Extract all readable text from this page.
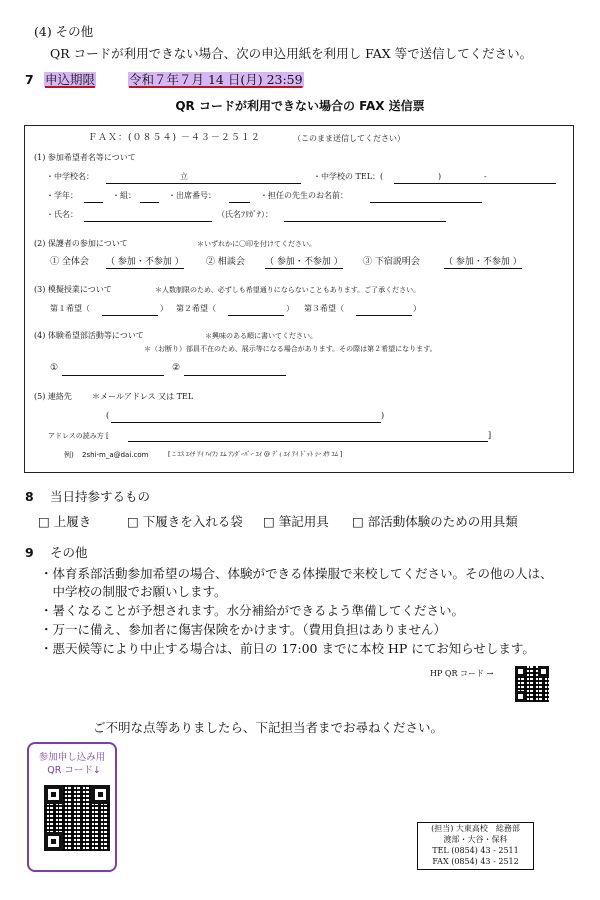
(4) その他
QR コードが利用できない場合、次の申込用紙を利用し FAX 等で送信してください。
7 申込期限	令和７年７月 14 日(月) 23:59
QR コードが利用できない場合の FAX 送信票
ＦＡＸ：(０８５４) －４３－２５１２	（このまま送信してください）
(1) 参加希望者名等について
・中学校名：	立	・中学校の TEL：(	)	-
・学年：	・組：	・出席番号：	・担任の先生のお名前：
・氏名：	（氏名ﾌﾘｶﾞﾅ）：
(2) 保護者の参加について	＊いずれかに〇印を付けてください。
① 全体会 （ 参加・不参加 ） ② 相談会 （ 参加・不参加 ） ③ 下宿説明会	（ 参加・不参加 ）
(3) 模擬授業について	＊人数制限のため、必ずしも希望通りにならないこともあります。ご了承ください。
第１希望（	） 第２希望（	） 第３希望（	）
(4) 体験希望部活動等について	＊興味のある順に書いてください。
＊（お断り）部員不在のため、展示等になる場合があります。その際は第２希望になります。
①	②
(5) 連絡先	＊メールアドレス 又は TEL
(	)
アドレスの読み方 [	]
例) 2shi-m_a@dai.com	[ ﾆ ｴｽ ｴｲﾁ ｱｲ ﾊｲﾌﾝ ｴﾑ ｱﾝﾀﾞｰﾊﾞｰ ｴｲ @ ﾃﾞｨ ｴｲ ｱｲ ﾄﾞｯﾄ ｼｰ ｵｳ ｴﾑ ]
8 当日持参するもの
□ 上履き	□ 下履きを入れる袋 □ 筆記用具 □ 部活動体験のための用具類
9 その他
・体育系部活動参加希望の場合、体験ができる体操服で来校してください。その他の人は、
　中学校の制服でお願いします。
・暑くなることが予想されます。水分補給ができるよう準備してください。
・万一に備え、参加者に傷害保険をかけます。（費用負担はありません）
・悪天候等により中止する場合は、前日の 17:00 までに本校 HP にてお知らせします。
HP QR コード →
ご不明な点等ありましたら、下記担当者までお尋ねください。
参加申し込み用
QR コード↓
(担当) 大東高校　総務部
渡部・大谷・保科
TEL (0854) 43 - 2511
FAX (0854) 43 - 2512
